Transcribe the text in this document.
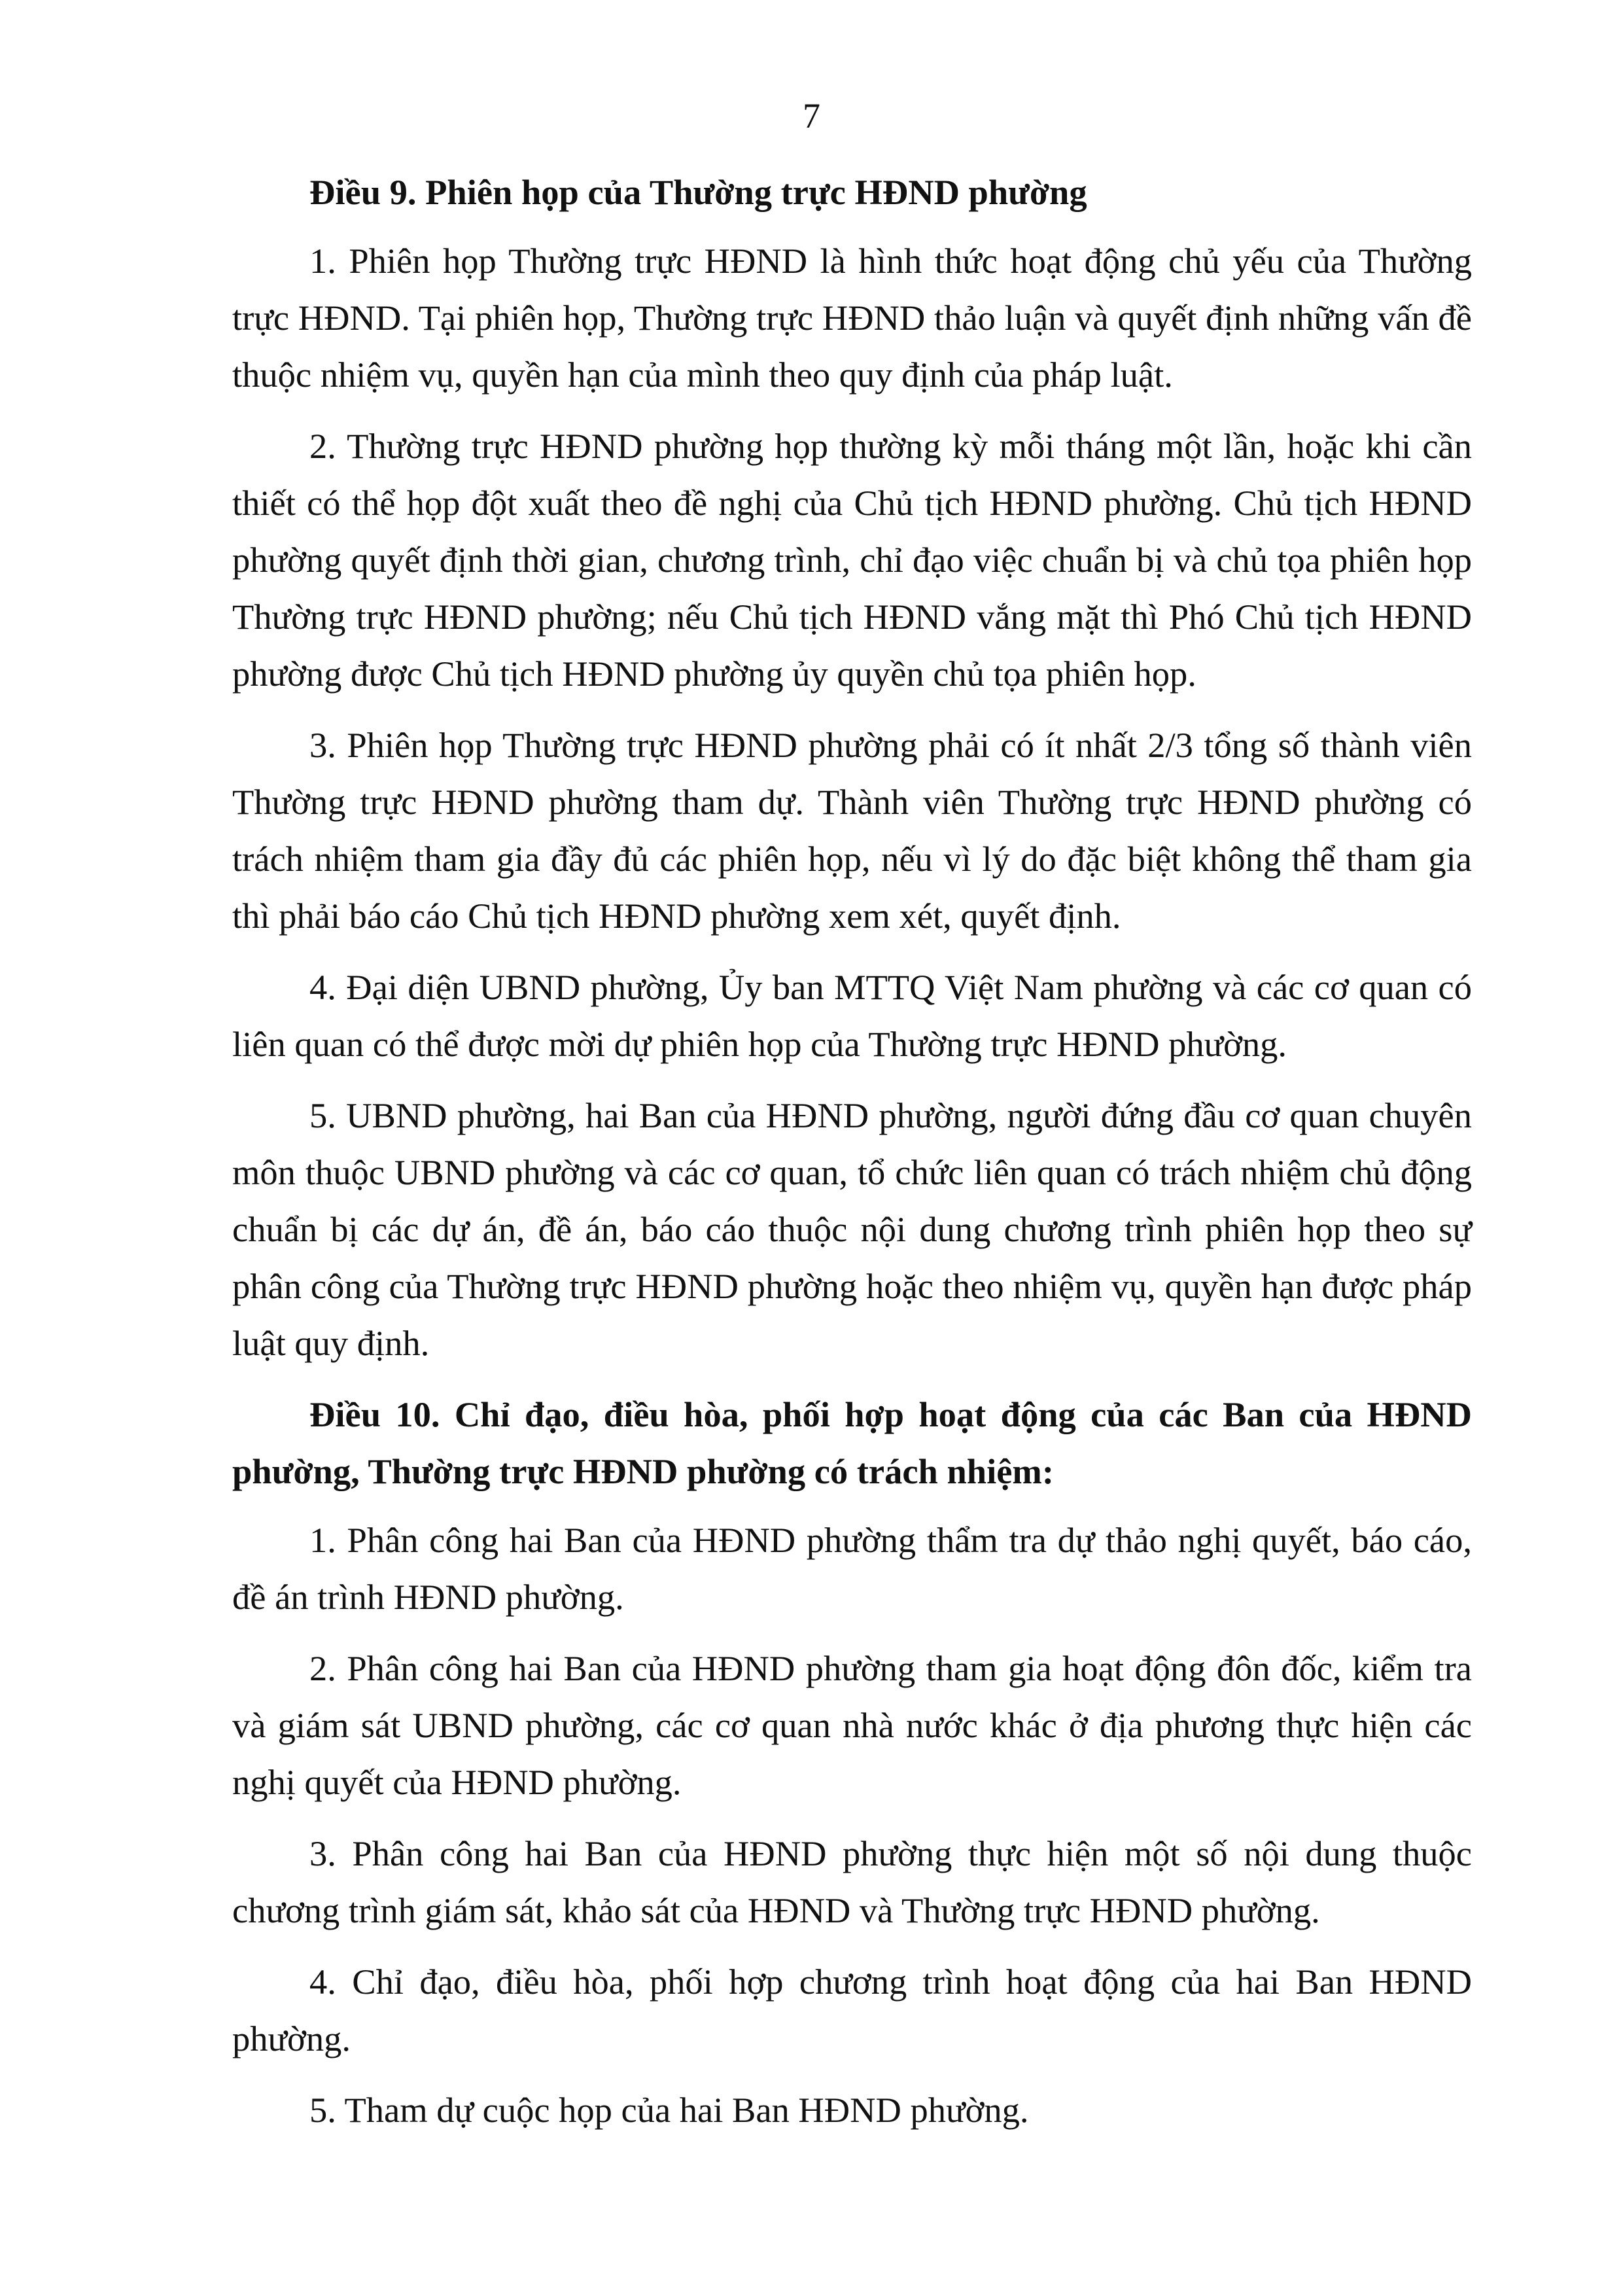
7
Điều 9. Phiên họp của Thường trực HĐND phường
1. Phiên họp Thường trực HĐND là hình thức hoạt động chủ yếu của Thường trực HĐND. Tại phiên họp, Thường trực HĐND thảo luận và quyết định những vấn đề thuộc nhiệm vụ, quyền hạn của mình theo quy định của pháp luật.
2. Thường trực HĐND phường họp thường kỳ mỗi tháng một lần, hoặc khi cần thiết có thể họp đột xuất theo đề nghị của Chủ tịch HĐND phường. Chủ tịch HĐND phường quyết định thời gian, chương trình, chỉ đạo việc chuẩn bị và chủ tọa phiên họp Thường trực HĐND phường; nếu Chủ tịch HĐND vắng mặt thì Phó Chủ tịch HĐND phường được Chủ tịch HĐND phường ủy quyền chủ tọa phiên họp.
3. Phiên họp Thường trực HĐND phường phải có ít nhất 2/3 tổng số thành viên Thường trực HĐND phường tham dự. Thành viên Thường trực HĐND phường có trách nhiệm tham gia đầy đủ các phiên họp, nếu vì lý do đặc biệt không thể tham gia thì phải báo cáo Chủ tịch HĐND phường xem xét, quyết định.
4. Đại diện UBND phường, Ủy ban MTTQ Việt Nam phường và các cơ quan có liên quan có thể được mời dự phiên họp của Thường trực HĐND phường.
5. UBND phường, hai Ban của HĐND phường, người đứng đầu cơ quan chuyên môn thuộc UBND phường và các cơ quan, tổ chức liên quan có trách nhiệm chủ động chuẩn bị các dự án, đề án, báo cáo thuộc nội dung chương trình phiên họp theo sự phân công của Thường trực HĐND phường hoặc theo nhiệm vụ, quyền hạn được pháp luật quy định.
Điều 10. Chỉ đạo, điều hòa, phối hợp hoạt động của các Ban của HĐND phường, Thường trực HĐND phường có trách nhiệm:
1. Phân công hai Ban của HĐND phường thẩm tra dự thảo nghị quyết, báo cáo, đề án trình HĐND phường.
2. Phân công hai Ban của HĐND phường tham gia hoạt động đôn đốc, kiểm tra và giám sát UBND phường, các cơ quan nhà nước khác ở địa phương thực hiện các nghị quyết của HĐND phường.
3. Phân công hai Ban của HĐND phường thực hiện một số nội dung thuộc chương trình giám sát, khảo sát của HĐND và Thường trực HĐND phường.
4. Chỉ đạo, điều hòa, phối hợp chương trình hoạt động của hai Ban HĐND phường.
5. Tham dự cuộc họp của hai Ban HĐND phường.
